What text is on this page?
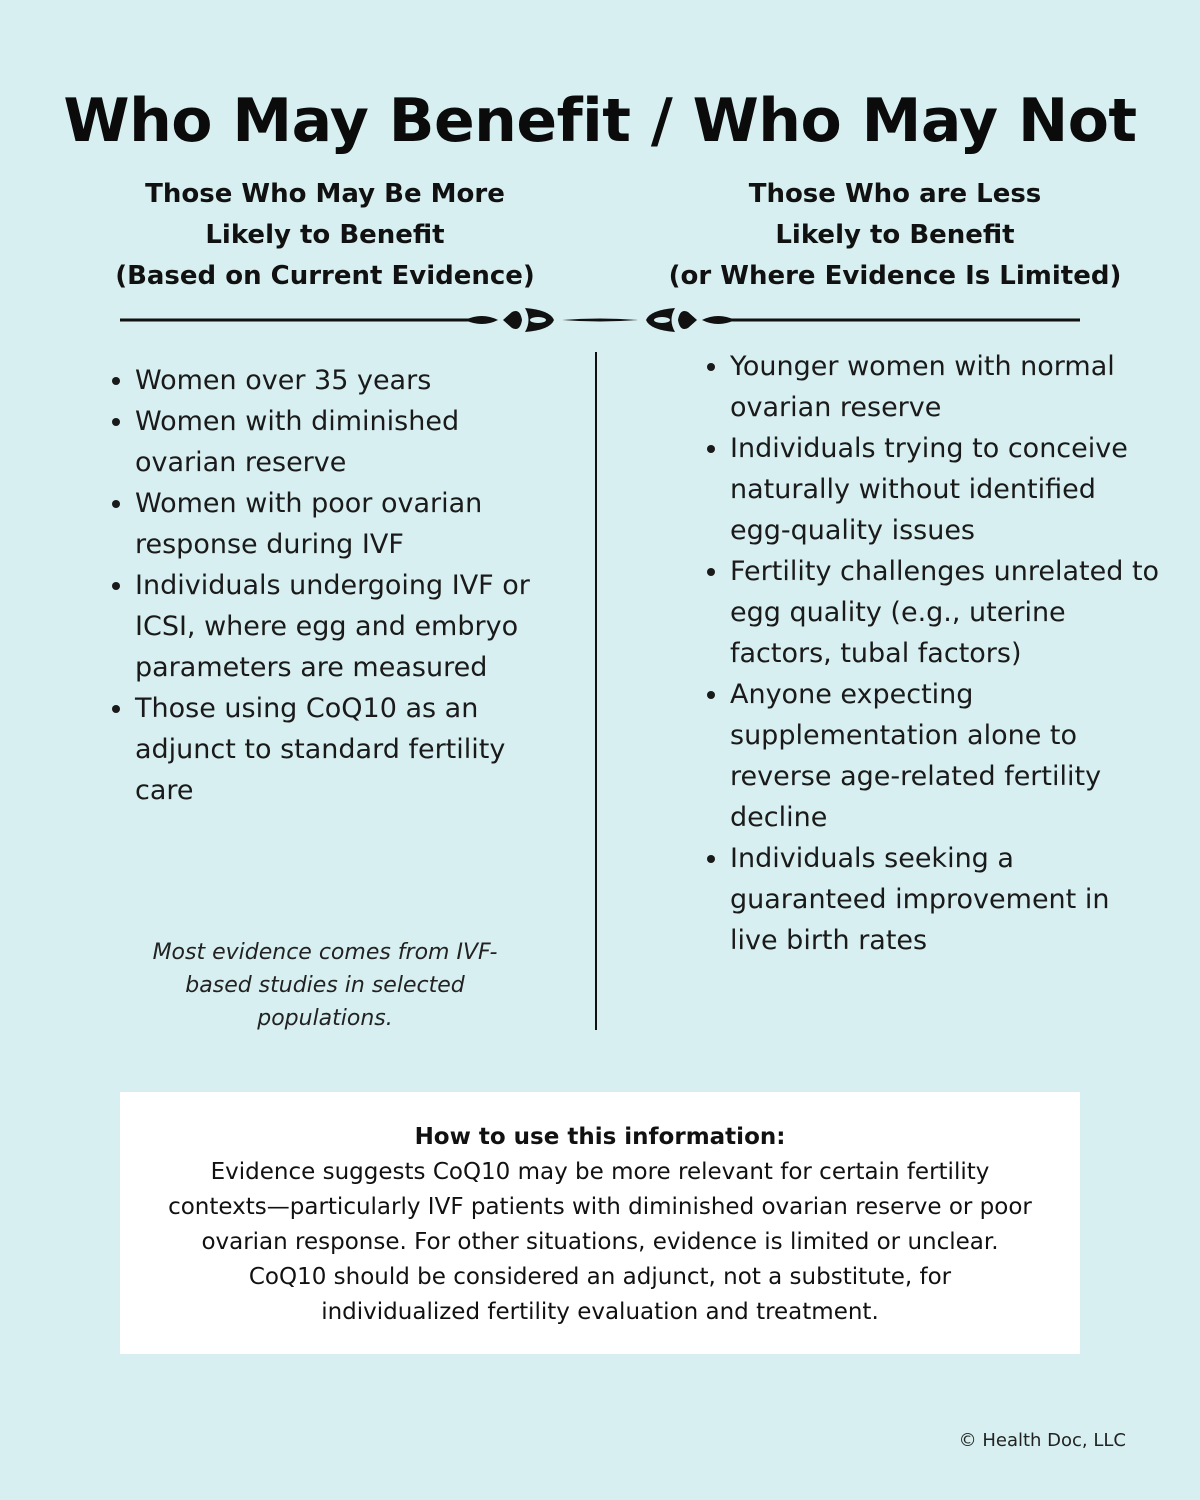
Who May Benefit / Who May Not
Those Who May Be More
Likely to Benefit
(Based on Current Evidence)
Those Who are Less
Likely to Benefit
(or Where Evidence Is Limited)
• Women over 35 years
• Women with diminished ovarian reserve
• Women with poor ovarian response during IVF
• Individuals undergoing IVF or ICSI, where egg and embryo parameters are measured
• Those using CoQ10 as an adjunct to standard fertility care
Most evidence comes from IVF-based studies in selected populations.
• Younger women with normal ovarian reserve
• Individuals trying to conceive naturally without identified egg-quality issues
• Fertility challenges unrelated to egg quality (e.g., uterine factors, tubal factors)
• Anyone expecting supplementation alone to reverse age-related fertility decline
• Individuals seeking a guaranteed improvement in live birth rates
How to use this information:
Evidence suggests CoQ10 may be more relevant for certain fertility contexts—particularly IVF patients with diminished ovarian reserve or poor ovarian response. For other situations, evidence is limited or unclear. CoQ10 should be considered an adjunct, not a substitute, for individualized fertility evaluation and treatment.
© Health Doc, LLC
